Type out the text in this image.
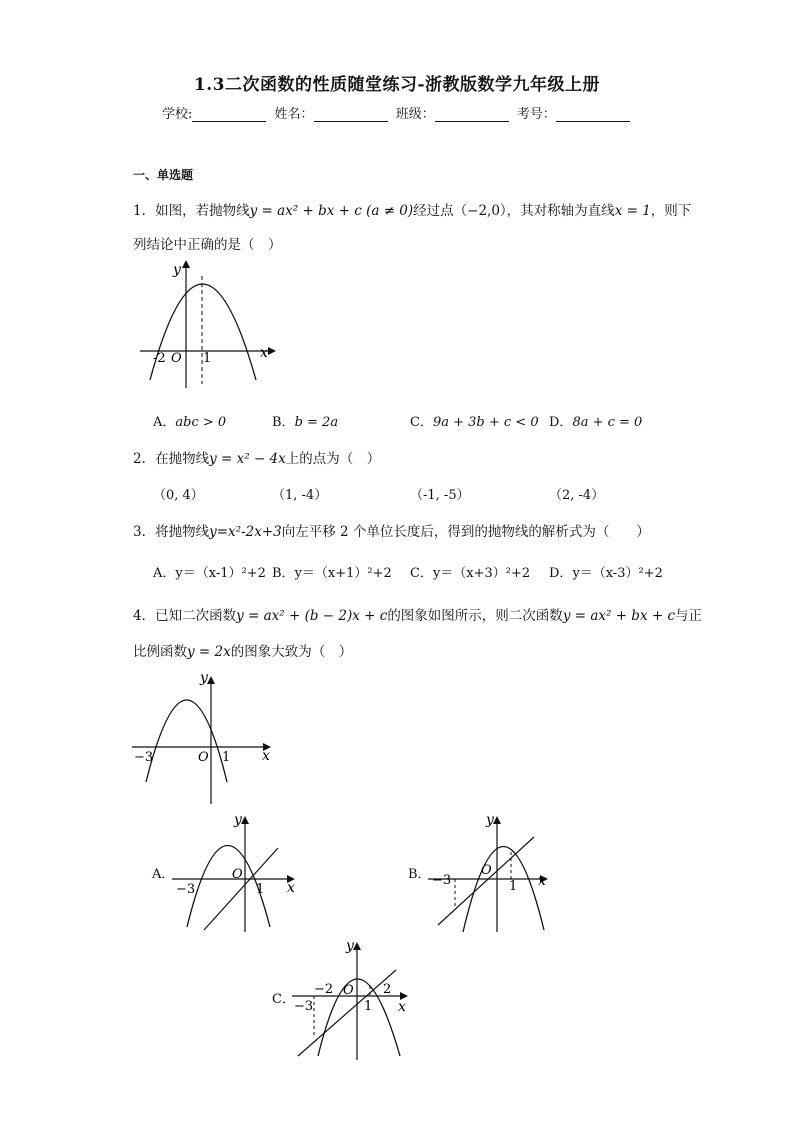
1.3二次函数的性质随堂练习-浙教版数学九年级上册
学校:	姓名：	班级：	考号：
一、单选题
1．如图，若抛物线y = ax² + bx + c (a ≠ 0)经过点（−2,0），其对称轴为直线x = 1，则下
列结论中正确的是（　）
y
x
-2 O 1
A．abc > 0	B．b = 2a	C．9a + 3b + c < 0 D．8a + c = 0
2．在抛物线y = x² − 4x上的点为（　）
（0, 4）	（1, -4）	（-1, -5）	（2, -4）
3．将抛物线y=x²-2x+3向左平移 2 个单位长度后，得到的抛物线的解析式为（　　）
A．y＝（x-1）²+2 B．y＝（x+1）²+2 C．y＝（x+3）²+2 D．y＝（x-3）²+2
4．已知二次函数y = ax² + (b − 2)x + c的图象如图所示，则二次函数y = ax² + bx + c与正
比例函数y = 2x的图象大致为（　）
y
x
−3	O 1
A．
y
x
−3
O
1
B．
y
x
−3
O
1
C．
y
x
−2
−3
O
1
2
